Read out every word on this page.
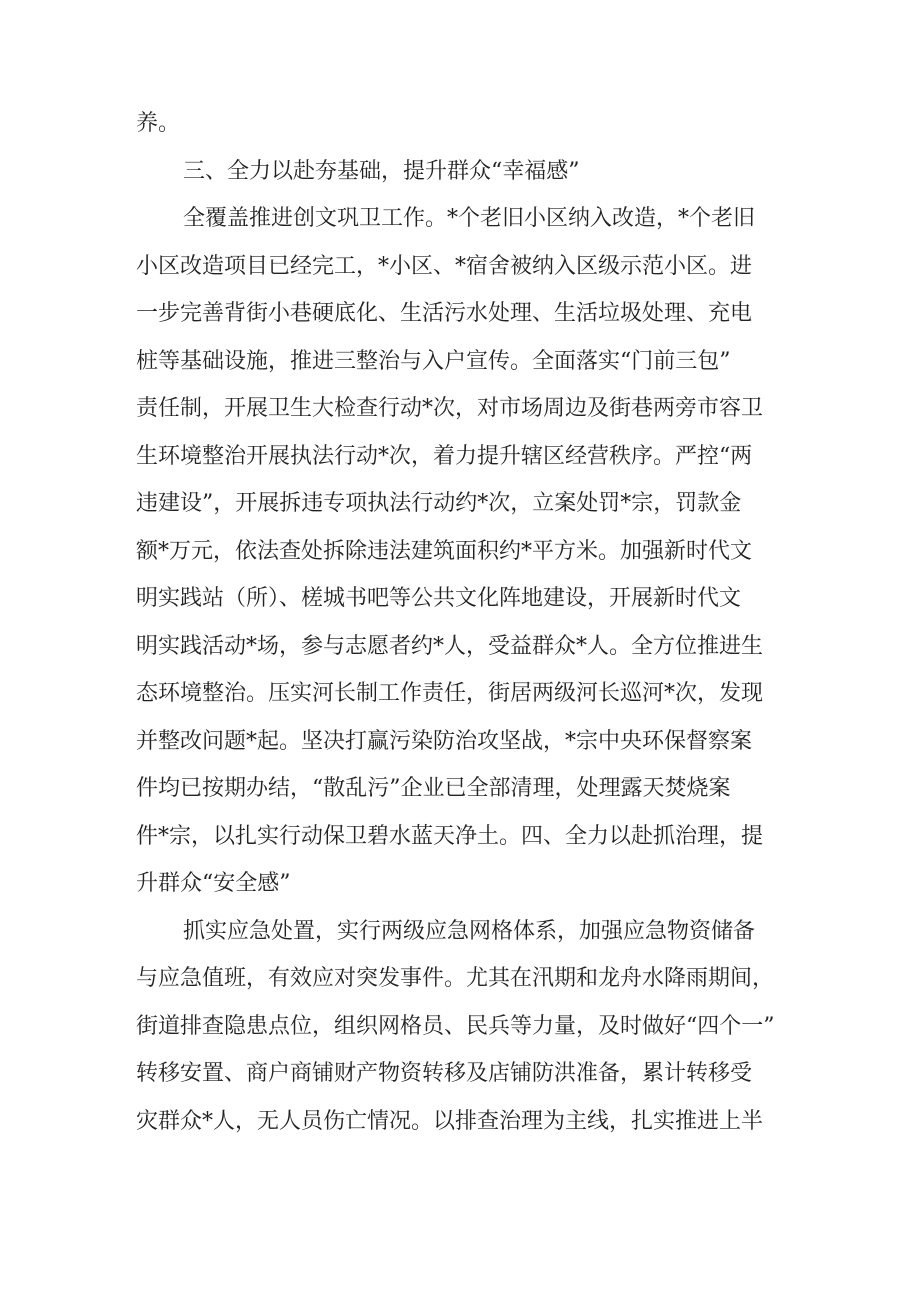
养。
三、全力以赴夯基础，提升群众“幸福感”
全覆盖推进创文巩卫工作。*个老旧小区纳入改造，*个老旧
小区改造项目已经完工，*小区、*宿舍被纳入区级示范小区。进
一步完善背街小巷硬底化、生活污水处理、生活垃圾处理、充电
桩等基础设施，推进三整治与入户宣传。全面落实“门前三包”
责任制，开展卫生大检查行动*次，对市场周边及街巷两旁市容卫
生环境整治开展执法行动*次，着力提升辖区经营秩序。严控“两
违建设”，开展拆违专项执法行动约*次，立案处罚*宗，罚款金
额*万元，依法查处拆除违法建筑面积约*平方米。加强新时代文
明实践站（所）、槎城书吧等公共文化阵地建设，开展新时代文
明实践活动*场，参与志愿者约*人，受益群众*人。全方位推进生
态环境整治。压实河长制工作责任，街居两级河长巡河*次，发现
并整改问题*起。坚决打赢污染防治攻坚战，*宗中央环保督察案
件均已按期办结，“散乱污”企业已全部清理，处理露天焚烧案
件*宗，以扎实行动保卫碧水蓝天净土。四、全力以赴抓治理，提
升群众“安全感”
抓实应急处置，实行两级应急网格体系，加强应急物资储备
与应急值班，有效应对突发事件。尤其在汛期和龙舟水降雨期间，
街道排查隐患点位，组织网格员、民兵等力量，及时做好“四个一”
转移安置、商户商铺财产物资转移及店铺防洪准备，累计转移受
灾群众*人，无人员伤亡情况。以排查治理为主线，扎实推进上半
